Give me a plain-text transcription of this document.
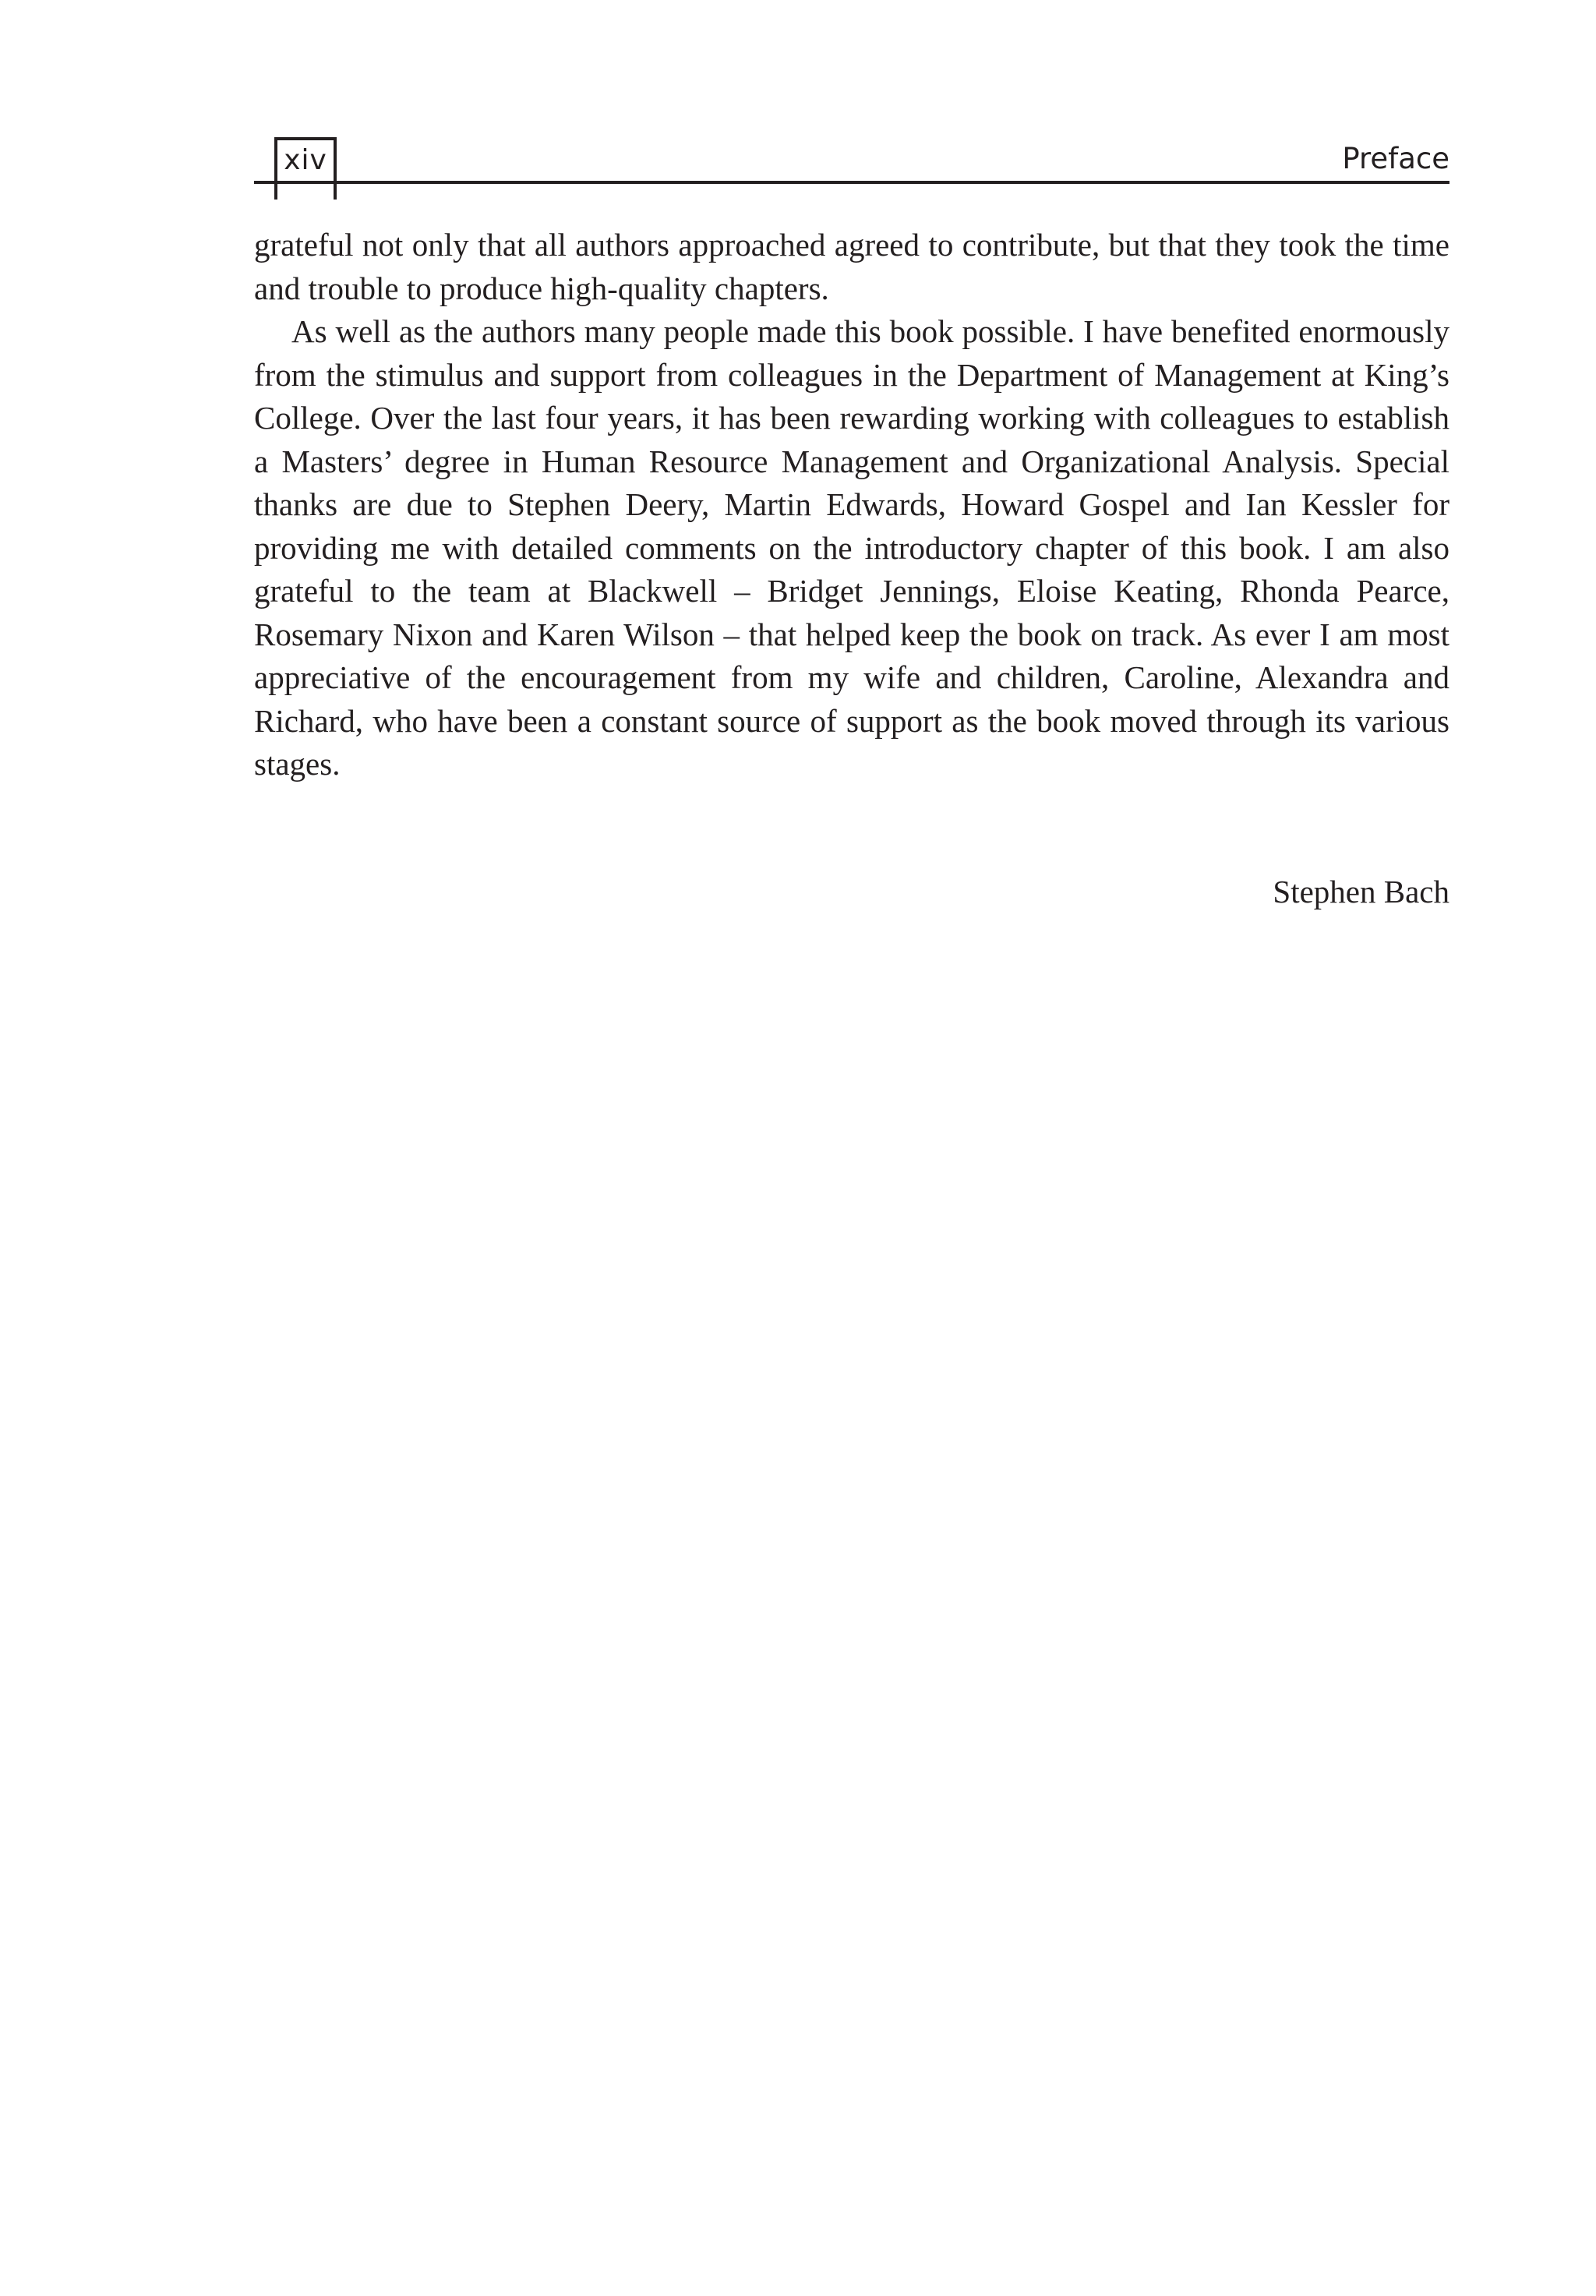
xiv	Preface

grateful not only that all authors approached agreed to contribute, but that they took the time and trouble to produce high-quality chapters.

As well as the authors many people made this book possible. I have benefited enormously from the stimulus and support from colleagues in the Department of Management at King’s College. Over the last four years, it has been rewarding working with colleagues to establish a Masters’ degree in Human Resource Management and Organizational Analysis. Special thanks are due to Stephen Deery, Martin Edwards, Howard Gospel and Ian Kessler for providing me with detailed comments on the introductory chapter of this book. I am also grateful to the team at Blackwell – Bridget Jennings, Eloise Keating, Rhonda Pearce, Rosemary Nixon and Karen Wilson – that helped keep the book on track. As ever I am most appreciative of the encouragement from my wife and children, Caroline, Alexandra and Richard, who have been a constant source of support as the book moved through its various stages.

Stephen Bach
